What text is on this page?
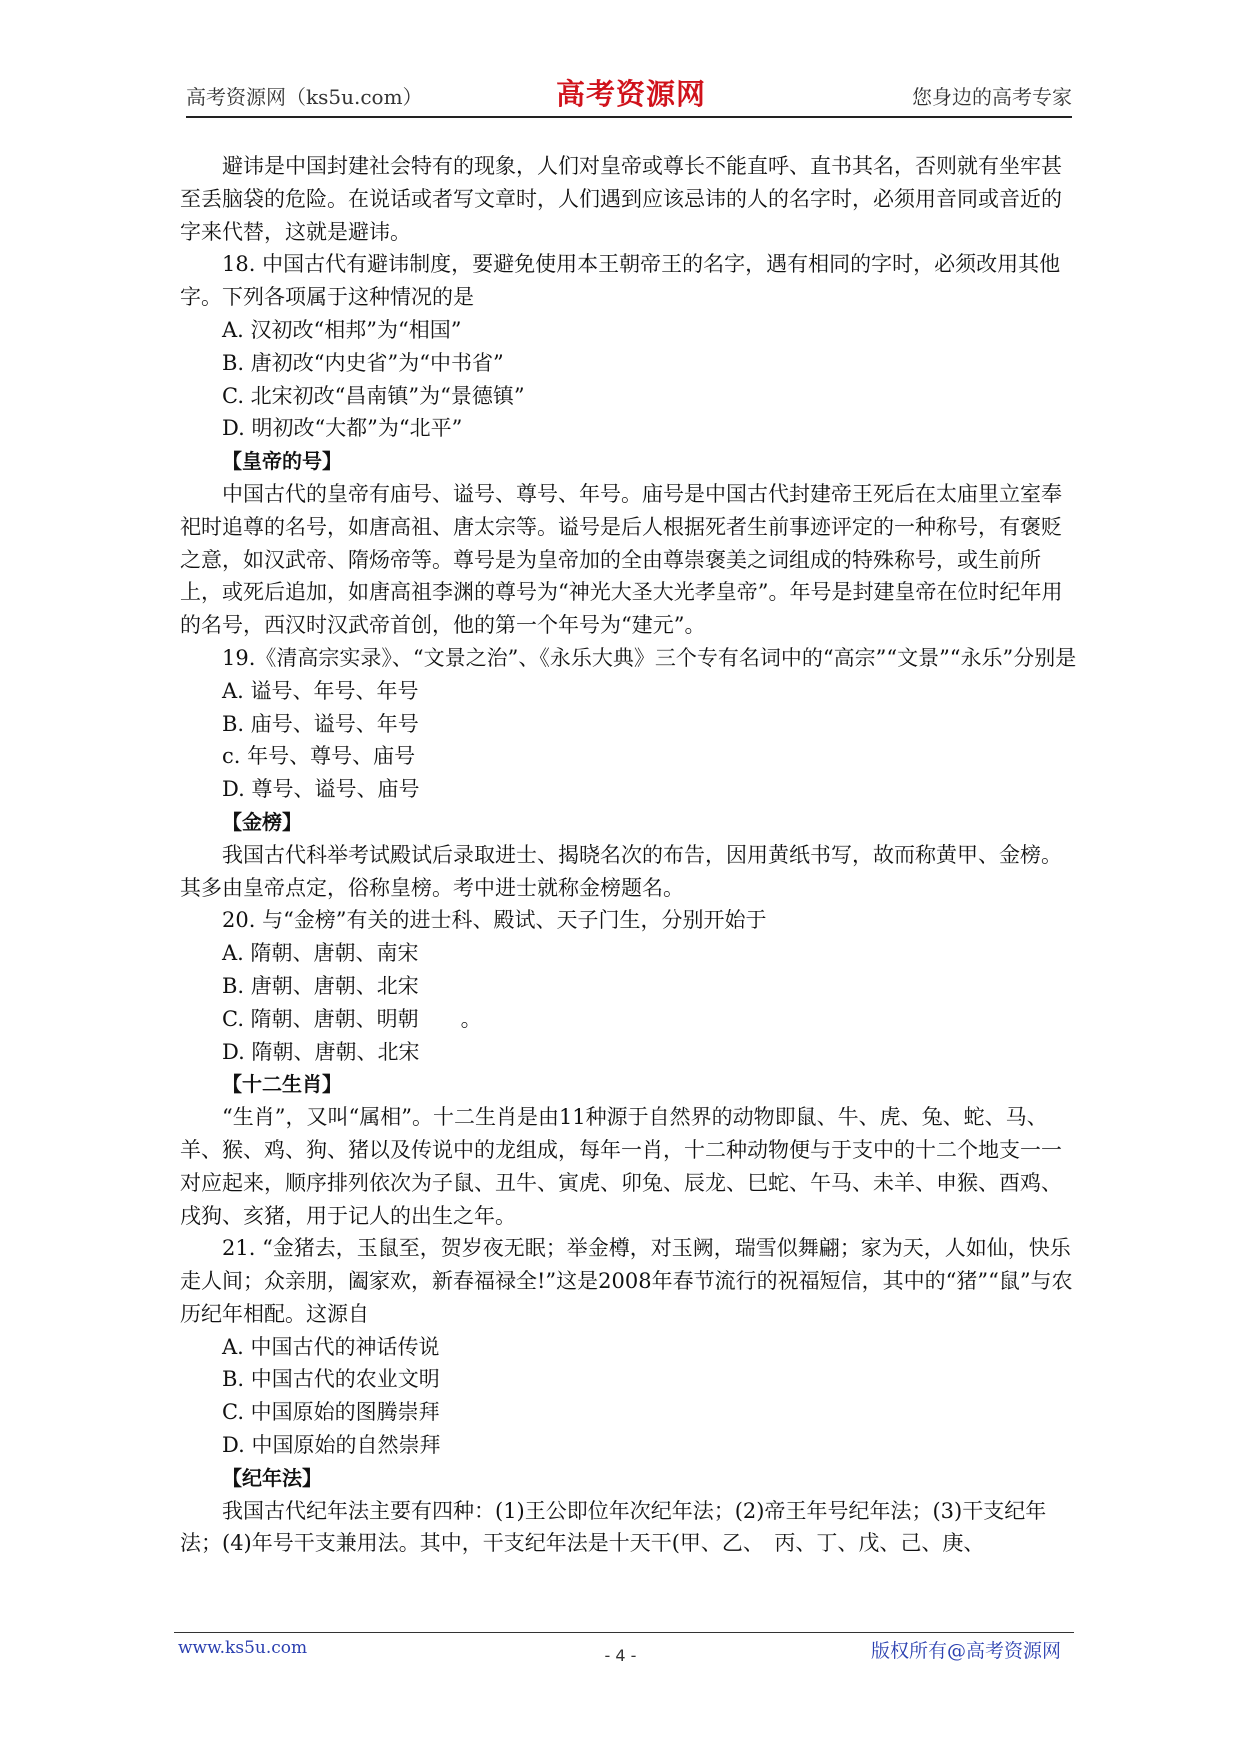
高考资源网（ks5u.com）	高考资源网	您身边的高考专家

避讳是中国封建社会特有的现象，人们对皇帝或尊长不能直呼、直书其名，否则就有坐牢甚至丢脑袋的危险。在说话或者写文章时，人们遇到应该忌讳的人的名字时，必须用音同或音近的字来代替，这就是避讳。

18. 中国古代有避讳制度，要避免使用本王朝帝王的名字，遇有相同的字时，必须改用其他字。下列各项属于这种情况的是

A. 汉初改“相邦”为“相国”

B. 唐初改“内史省”为“中书省”

C. 北宋初改“昌南镇”为“景德镇”

D. 明初改“大都”为“北平”

【皇帝的号】

中国古代的皇帝有庙号、谥号、尊号、年号。庙号是中国古代封建帝王死后在太庙里立室奉祀时追尊的名号，如唐高祖、唐太宗等。谥号是后人根据死者生前事迹评定的一种称号，有褒贬之意，如汉武帝、隋炀帝等。尊号是为皇帝加的全由尊崇褒美之词组成的特殊称号，或生前所上，或死后追加，如唐高祖李渊的尊号为“神光大圣大光孝皇帝”。年号是封建皇帝在位时纪年用的名号，西汉时汉武帝首创，他的第一个年号为“建元”。

19.《清高宗实录》、“文景之治”、《永乐大典》三个专有名词中的“高宗”“文景”“永乐”分别是

A. 谥号、年号、年号

B. 庙号、谥号、年号

c. 年号、尊号、庙号

D. 尊号、谥号、庙号

【金榜】

我国古代科举考试殿试后录取进士、揭晓名次的布告，因用黄纸书写，故而称黄甲、金榜。其多由皇帝点定，俗称皇榜。考中进士就称金榜题名。

20. 与“金榜”有关的进士科、殿试、天子门生，分别开始于

A. 隋朝、唐朝、南宋

B. 唐朝、唐朝、北宋

C. 隋朝、唐朝、明朝　　。

D. 隋朝、唐朝、北宋

【十二生肖】

“生肖”，又叫“属相”。十二生肖是由11种源于自然界的动物即鼠、牛、虎、兔、蛇、马、羊、猴、鸡、狗、猪以及传说中的龙组成，每年一肖，十二种动物便与于支中的十二个地支一一对应起来，顺序排列依次为子鼠、丑牛、寅虎、卯兔、辰龙、巳蛇、午马、未羊、申猴、酉鸡、戌狗、亥猪，用于记人的出生之年。

21. “金猪去，玉鼠至，贺岁夜无眠；举金樽，对玉阙，瑞雪似舞翩；家为天，人如仙，快乐走人间；众亲朋，阖家欢，新春福禄全!”这是2008年春节流行的祝福短信，其中的“猪”“鼠”与农历纪年相配。这源自

A. 中国古代的神话传说

B. 中国古代的农业文明

C. 中国原始的图腾崇拜

D. 中国原始的自然崇拜

【纪年法】

我国古代纪年法主要有四种：(1)王公即位年次纪年法；(2)帝王年号纪年法；(3)干支纪年法；(4)年号干支兼用法。其中，干支纪年法是十天干(甲、乙、　丙、丁、戊、己、庚、

www.ks5u.com	- 4 -	版权所有@高考资源网
